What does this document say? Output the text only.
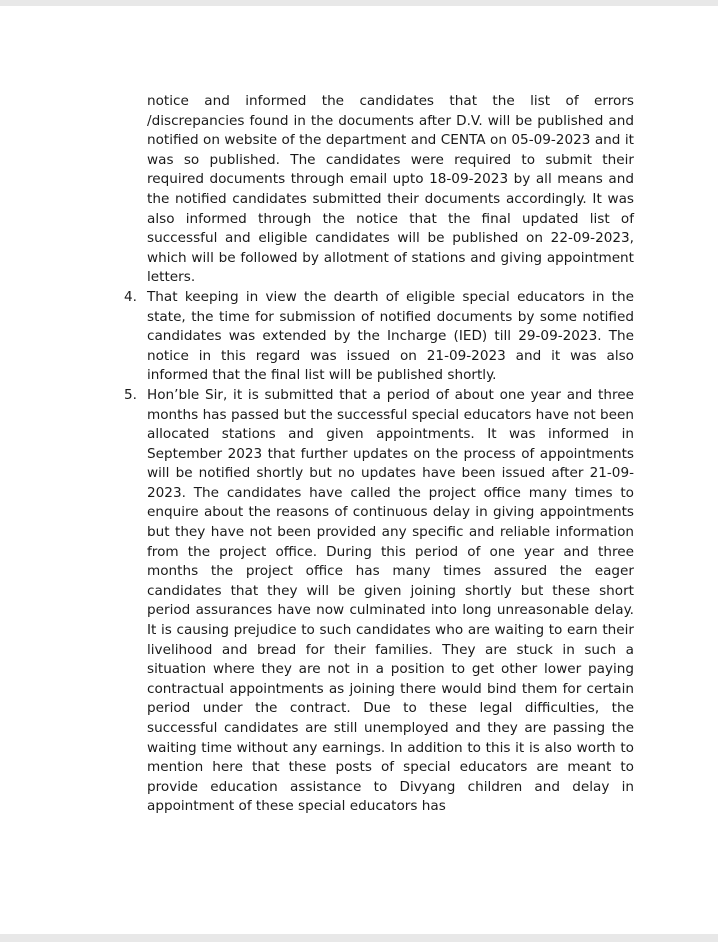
notice and informed the candidates that the list of errors /discrepancies found in the documents after D.V. will be published and notified on website of the department and CENTA on 05-09-2023 and it was so published. The candidates were required to submit their required documents through email upto 18-09-2023 by all means and the notified candidates submitted their documents accordingly. It was also informed through the notice that the final updated list of successful and eligible candidates will be published on 22-09-2023, which will be followed by allotment of stations and giving appointment letters.

4. That keeping in view the dearth of eligible special educators in the state, the time for submission of notified documents by some notified candidates was extended by the Incharge (IED) till 29-09-2023. The notice in this regard was issued on 21-09-2023 and it was also informed that the final list will be published shortly.
5. Hon’ble Sir, it is submitted that a period of about one year and three months has passed but the successful special educators have not been allocated stations and given appointments. It was informed in September 2023 that further updates on the process of appointments will be notified shortly but no updates have been issued after 21-09-2023. The candidates have called the project office many times to enquire about the reasons of continuous delay in giving appointments but they have not been provided any specific and reliable information from the project office. During this period of one year and three months the project office has many times assured the eager candidates that they will be given joining shortly but these short period assurances have now culminated into long unreasonable delay. It is causing prejudice to such candidates who are waiting to earn their livelihood and bread for their families. They are stuck in such a situation where they are not in a position to get other lower paying contractual appointments as joining there would bind them for certain period under the contract. Due to these legal difficulties, the successful candidates are still unemployed and they are passing the waiting time without any earnings. In addition to this it is also worth to mention here that these posts of special educators are meant to provide education assistance to Divyang children and delay in appointment of these special educators has
